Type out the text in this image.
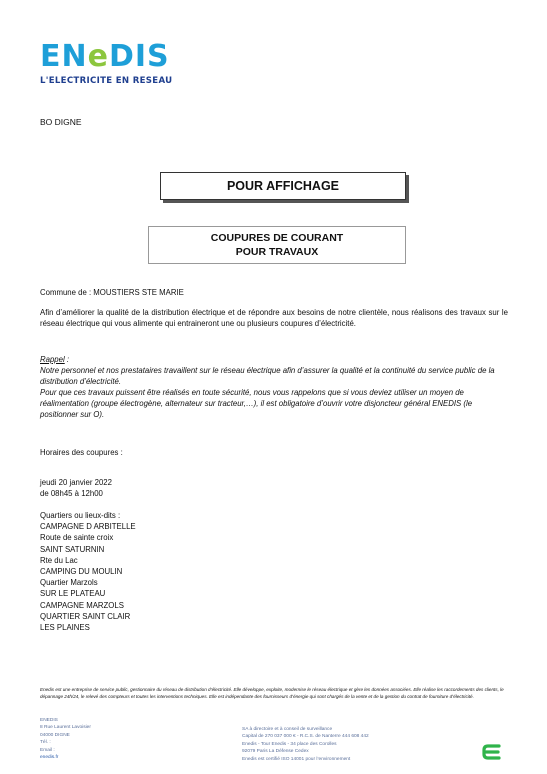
ENeDIS
L'ELECTRICITE EN RESEAU
BO DIGNE
POUR AFFICHAGE
COUPURES DE COURANT
POUR TRAVAUX
Commune de : MOUSTIERS STE MARIE
Afin d’améliorer la qualité de la distribution électrique et de répondre aux besoins de notre clientèle, nous réalisons des travaux sur le réseau électrique qui vous alimente qui entraineront une ou plusieurs coupures d’électricité.
Rappel :
Notre personnel et nos prestataires travaillent sur le réseau électrique afin d’assurer la qualité et la continuité du service public de la distribution d’électricité.
Pour que ces travaux puissent être réalisés en toute sécurité, nous vous rappelons que si vous deviez utiliser un moyen de réalimentation (groupe électrogène, alternateur sur tracteur,…), il est obligatoire d’ouvrir votre disjoncteur général ENEDIS (le positionner sur O).
Horaires des coupures :
jeudi 20 janvier 2022
de 08h45 à 12h00
Quartiers ou lieux-dits :
CAMPAGNE D ARBITELLE
Route de sainte croix
SAINT SATURNIN
Rte du Lac
CAMPING DU MOULIN
Quartier Marzols
SUR LE PLATEAU
CAMPAGNE MARZOLS
QUARTIER SAINT CLAIR
LES PLAINES
Enedis est une entreprise de service public, gestionnaire du réseau de distribution d’électricité. Elle développe, exploite, modernise le réseau électrique et gère les données associées. Elle réalise les raccordements des clients, le dépannage 24h/24, le relevé des compteurs et toutes les interventions techniques. Elle est indépendante des fournisseurs d’énergie qui sont chargés de la vente et de la gestion du contrat de fourniture d’électricité.
ENEDIS
8 Rue Laurent Lavoisier
04000 DIGNE
Tél. :
Email :
enedis.fr
SA à directoire et à conseil de surveillance
Capital de 270 037 000 € - R.C.S. de Nanterre 444 608 442
Enedis - Tour Enedis - 34 place des Corolles
92079 Paris La Défense Cedex
Enedis est certifié ISO 14001 pour l’environnement
